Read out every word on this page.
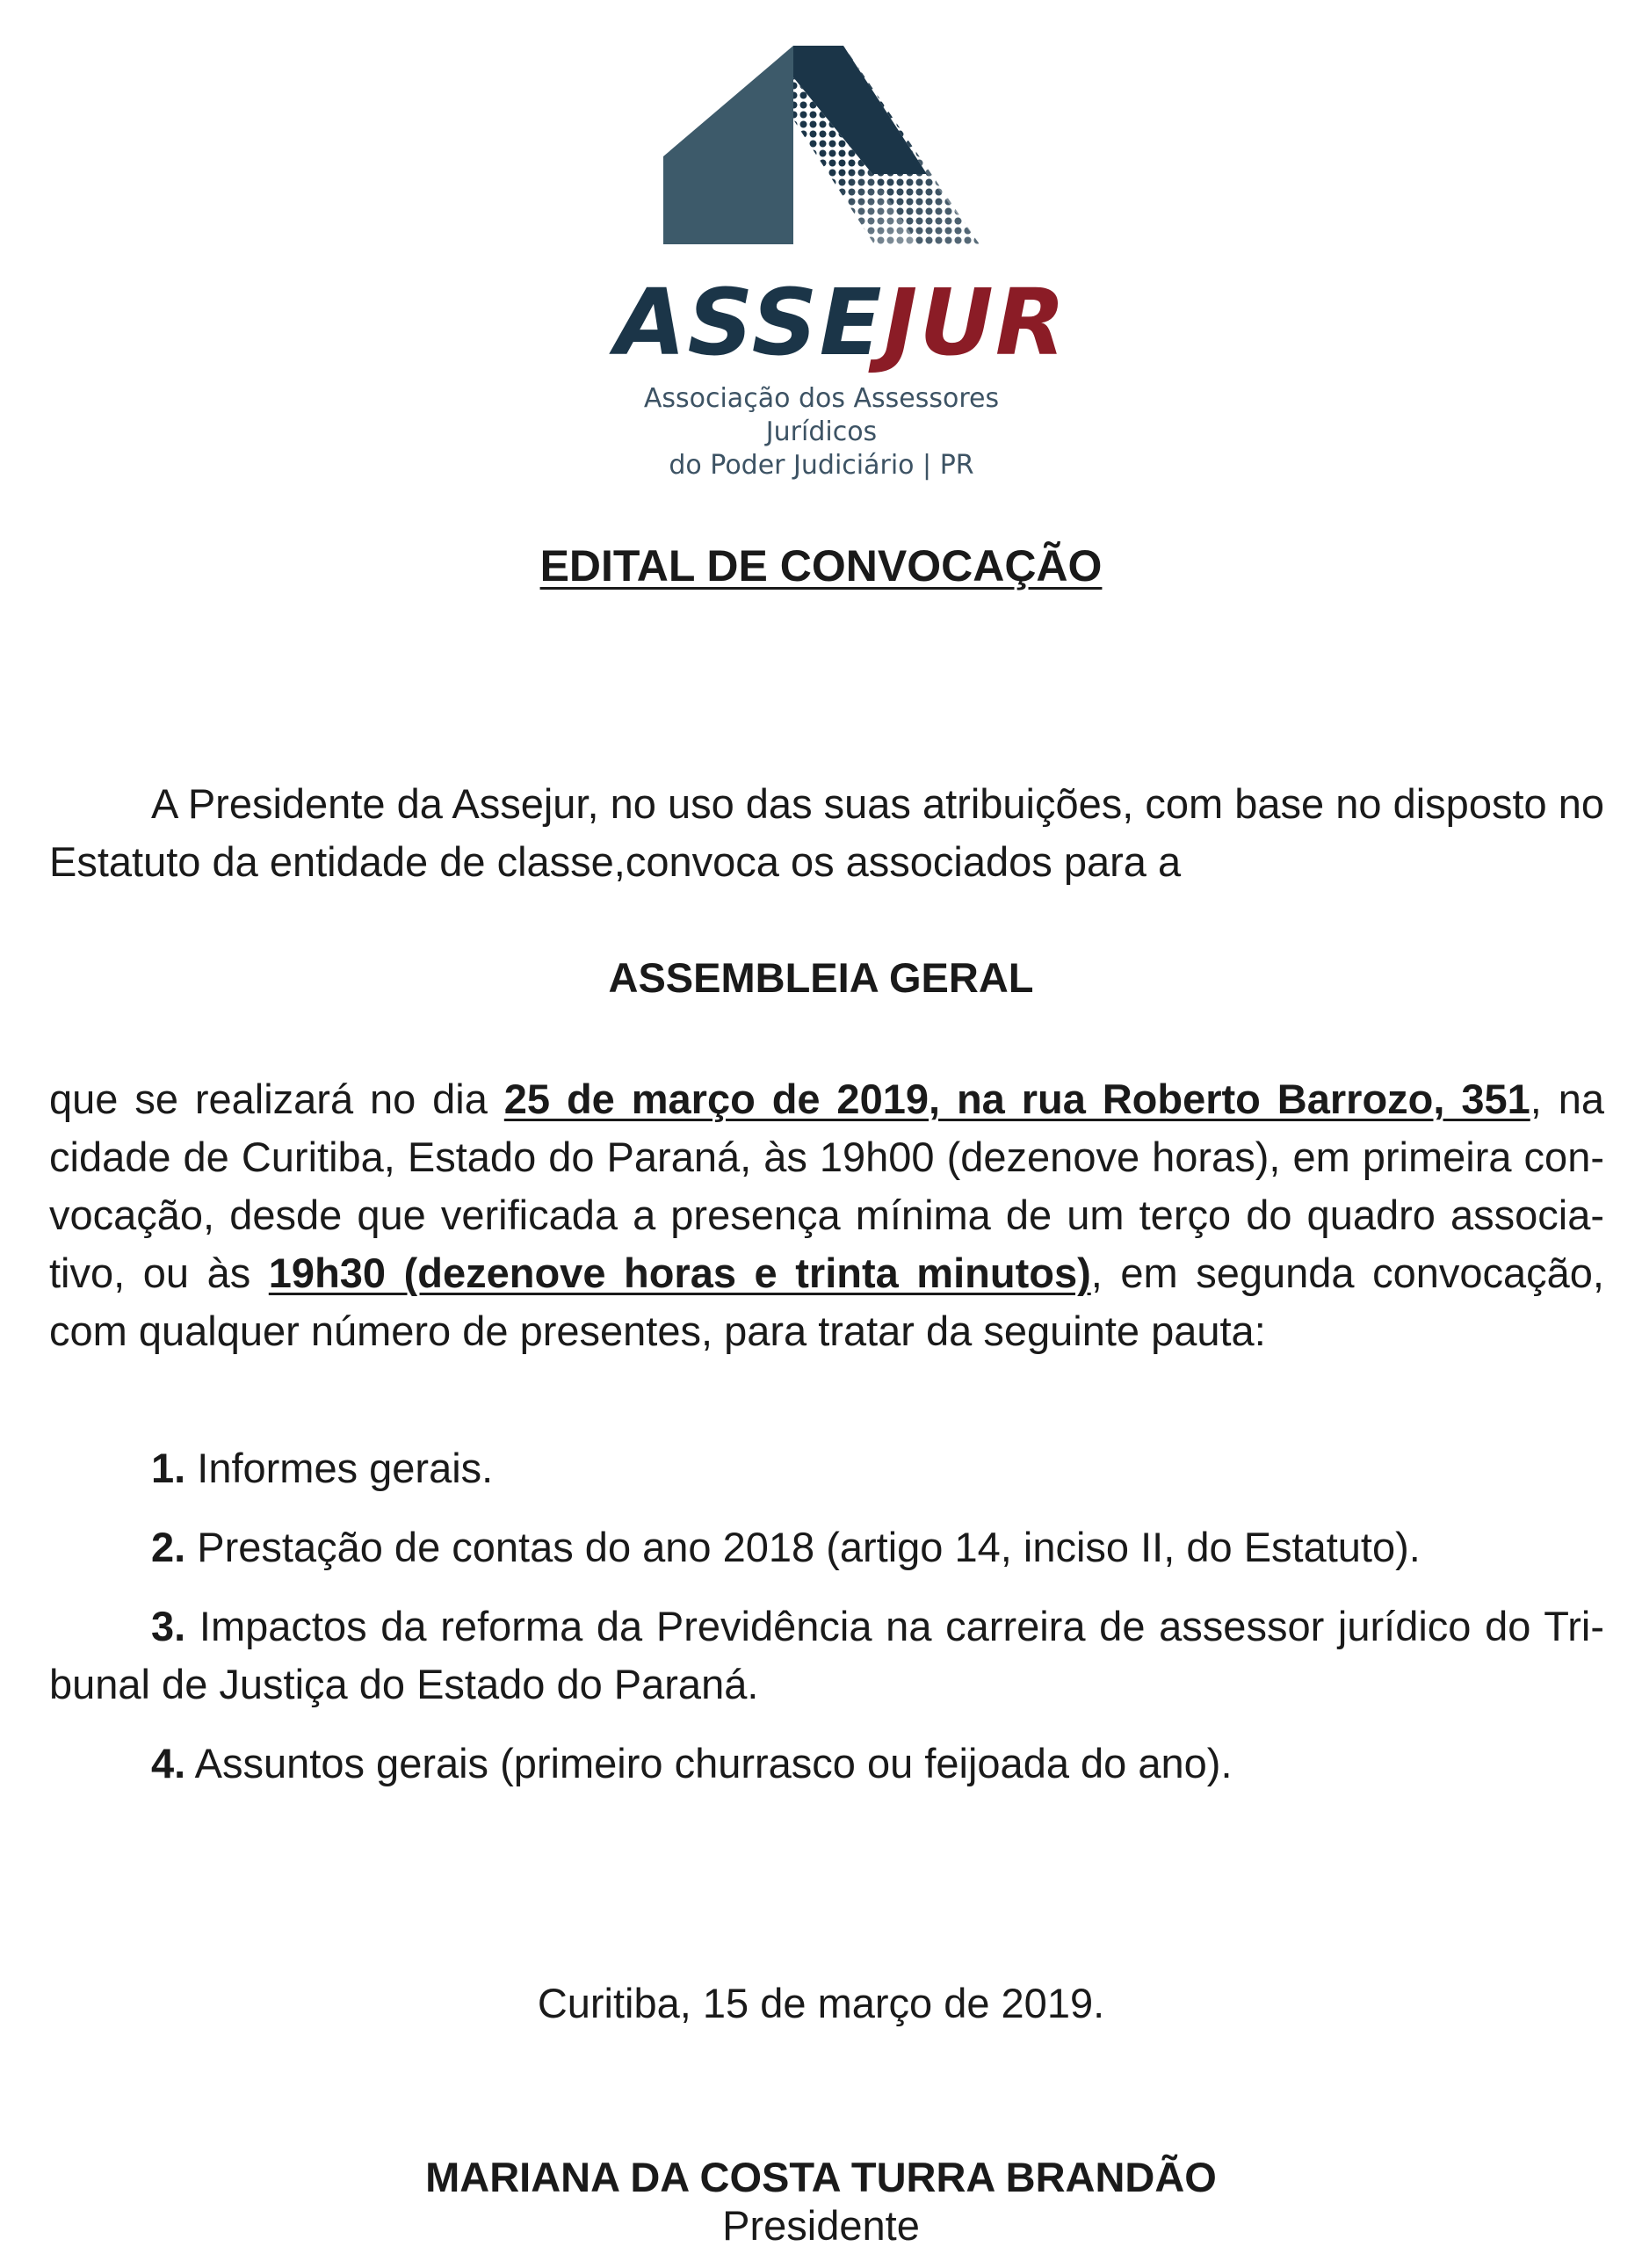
ASSEJUR
Associação dos Assessores Jurídicos
do Poder Judiciário | PR
EDITAL DE CONVOCAÇÃO
A Presidente da Assejur, no uso das suas atribuições, com base no disposto no Estatuto da entidade de classe,convoca os associados para a
ASSEMBLEIA GERAL
que se realizará no dia 25 de março de 2019, na rua Roberto Barrozo, 351, na cidade de Curitiba, Estado do Paraná, às 19h00 (dezenove horas), em primeira convocação, desde que verificada a presença mínima de um terço do quadro associativo, ou às 19h30 (dezenove horas e trinta minutos), em segunda convocação, com qualquer número de presentes, para tratar da seguinte pauta:

1. Informes gerais.

2. Prestação de contas do ano 2018 (artigo 14, inciso II, do Estatuto).

3. Impactos da reforma da Previdência na carreira de assessor jurídico do Tribunal de Justiça do Estado do Paraná.

4. Assuntos gerais (primeiro churrasco ou feijoada do ano).

Curitiba, 15 de março de 2019.
MARIANA DA COSTA TURRA BRANDÃO
Presidente
